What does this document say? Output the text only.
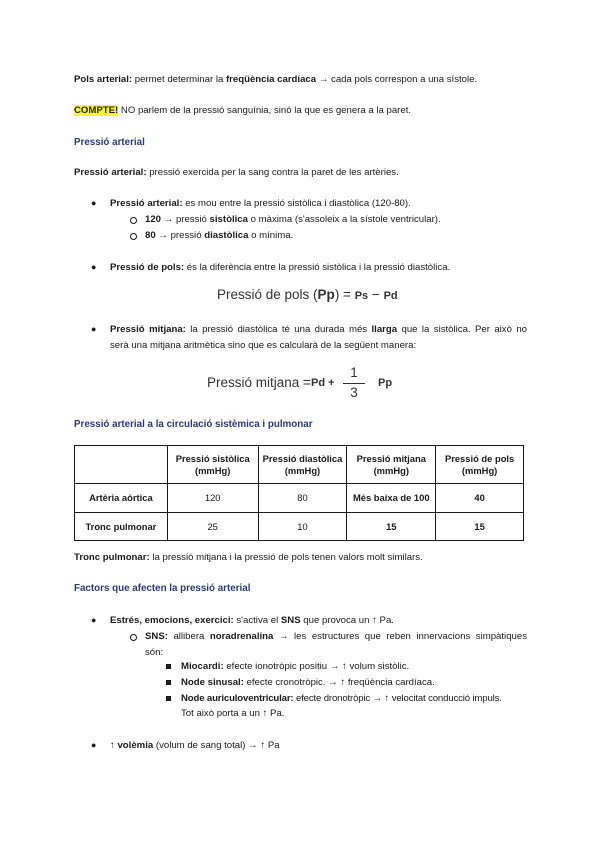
Pols arterial: permet determinar la freqüència cardíaca → cada pols correspon a una sístole.
COMPTE! NO parlem de la pressió sanguínia, sinó la que es genera a la paret.
Pressió arterial
Pressió arterial: pressió exercida per la sang contra la paret de les artèries.
● Pressió arterial: es mou entre la pressió sistòlica i diastòlica (120-80).
120 → pressió sistòlica o màxima (s'assoleix a la sístole ventricular).
80 → pressió diastòlica o mínima.
● Pressió de pols: és la diferència entre la pressió sistòlica i la pressió diastòlica.
Pressió de pols (Pp) = Ps − Pd
● Pressió mitjana: la pressió diastòlica té una durada més llarga que la sistòlica. Per això no
serà una mitjana aritmètica sino que es calcularà de la següent manera:
Pressió mitjana = Pd +
1
3
Pp
Pressió arterial a la circulació sistèmica i pulmonar
	Pressió sistòlica (mmHg)	Pressió diastòlica (mmHg)	Pressió mitjana (mmHg)	Pressió de pols (mmHg)
Artèria aòrtica	120	80	Més baixa de 100	40
Tronc pulmonar	25	10	15	15
Tronc pulmonar: la pressió mitjana i la pressió de pols tenen valors molt similars.
Factors que afecten la pressió arterial
● Estrés, emocions, exercici: s'activa el SNS que provoca un ↑ Pa.
SNS: allibera noradrenalina → les estructures que reben innervacions simpàtiques
són:
Miocardi: efecte ionotròpic positiu → ↑ volum sistòlic.
Node sinusal: efecte cronotròpic. → ↑ freqüència cardíaca.
Node auriculoventricular: efecte dronotròpic → ↑ velocitat conducció impuls.
Tot això porta a un ↑ Pa.
● ↑ volèmia (volum de sang total) → ↑ Pa
